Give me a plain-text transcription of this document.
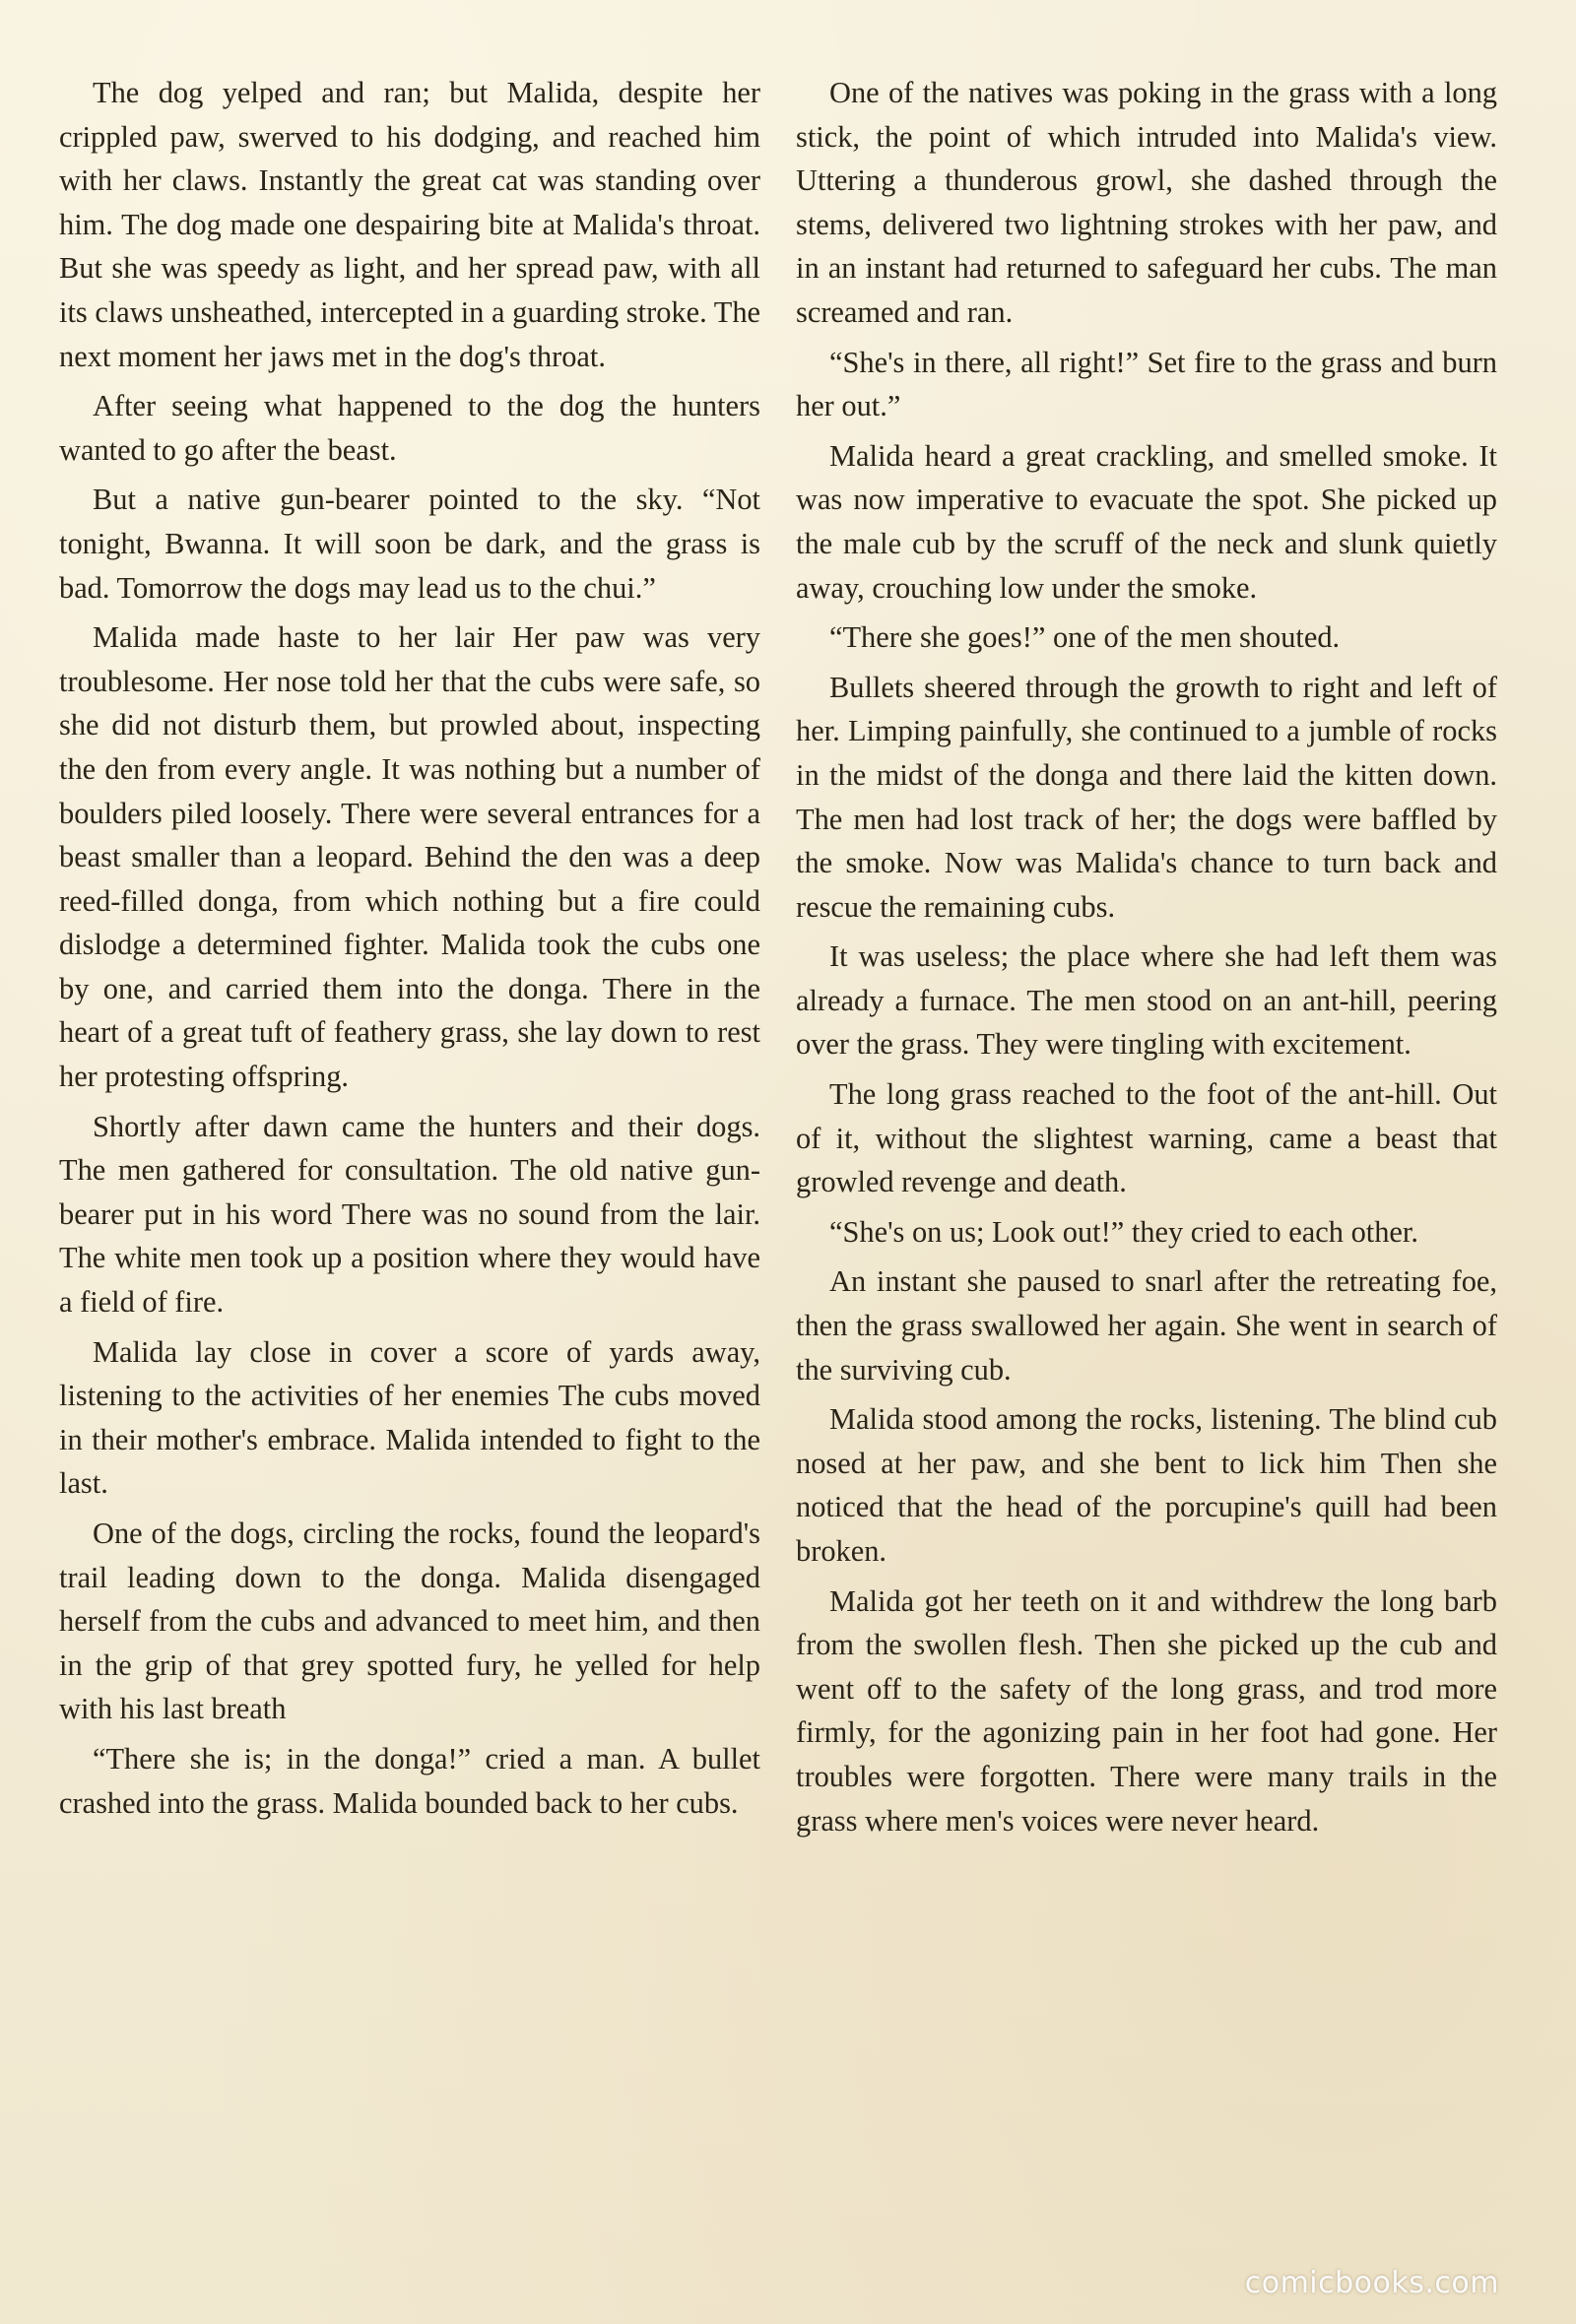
The dog yelped and ran; but Malida, despite her crippled paw, swerved to his dodging, and reached him with her claws. Instantly the great cat was standing over him. The dog made one despairing bite at Malida's throat. But she was speedy as light, and her spread paw, with all its claws unsheathed, intercepted in a guarding stroke. The next moment her jaws met in the dog's throat.

After seeing what happened to the dog the hunters wanted to go after the beast.

But a native gun-bearer pointed to the sky. “Not tonight, Bwanna. It will soon be dark, and the grass is bad. Tomorrow the dogs may lead us to the chui.”

Malida made haste to her lair Her paw was very troublesome. Her nose told her that the cubs were safe, so she did not disturb them, but prowled about, inspecting the den from every angle. It was nothing but a number of boulders piled loosely. There were several entrances for a beast smaller than a leopard. Behind the den was a deep reed-filled donga, from which nothing but a fire could dislodge a determined fighter. Malida took the cubs one by one, and carried them into the donga. There in the heart of a great tuft of feathery grass, she lay down to rest her protesting offspring.

Shortly after dawn came the hunters and their dogs. The men gathered for consultation. The old native gun-bearer put in his word There was no sound from the lair. The white men took up a position where they would have a field of fire.

Malida lay close in cover a score of yards away, listening to the activities of her enemies The cubs moved in their mother's embrace. Malida intended to fight to the last.

One of the dogs, circling the rocks, found the leopard's trail leading down to the donga. Malida disengaged herself from the cubs and advanced to meet him, and then in the grip of that grey spotted fury, he yelled for help with his last breath

“There she is; in the donga!” cried a man. A bullet crashed into the grass. Malida bounded back to her cubs.

One of the natives was poking in the grass with a long stick, the point of which intruded into Malida's view. Uttering a thunderous growl, she dashed through the stems, delivered two lightning strokes with her paw, and in an instant had returned to safeguard her cubs. The man screamed and ran.

“She's in there, all right!” Set fire to the grass and burn her out.”

Malida heard a great crackling, and smelled smoke. It was now imperative to evacuate the spot. She picked up the male cub by the scruff of the neck and slunk quietly away, crouching low under the smoke.

“There she goes!” one of the men shouted.

Bullets sheered through the growth to right and left of her. Limping painfully, she continued to a jumble of rocks in the midst of the donga and there laid the kitten down. The men had lost track of her; the dogs were baffled by the smoke. Now was Malida's chance to turn back and rescue the remaining cubs.

It was useless; the place where she had left them was already a furnace. The men stood on an ant-hill, peering over the grass. They were tingling with excitement.

The long grass reached to the foot of the ant-hill. Out of it, without the slightest warning, came a beast that growled revenge and death.

“She's on us; Look out!” they cried to each other.

An instant she paused to snarl after the retreating foe, then the grass swallowed her again. She went in search of the surviving cub.

Malida stood among the rocks, listening. The blind cub nosed at her paw, and she bent to lick him Then she noticed that the head of the porcupine's quill had been broken.

Malida got her teeth on it and withdrew the long barb from the swollen flesh. Then she picked up the cub and went off to the safety of the long grass, and trod more firmly, for the agonizing pain in her foot had gone. Her troubles were forgotten. There were many trails in the grass where men's voices were never heard.

comicbooks.com
